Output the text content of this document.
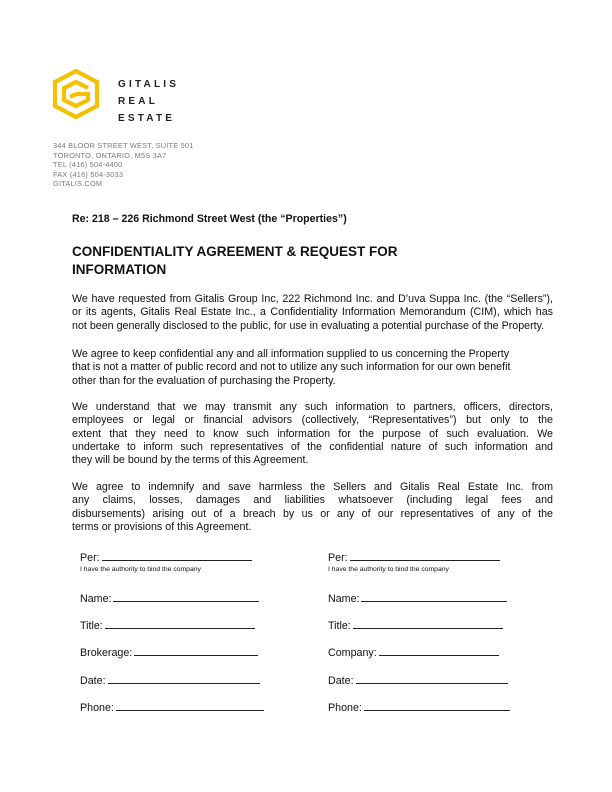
GITALIS
REAL
ESTATE
344 BLOOR STREET WEST, SUITE 501
TORONTO, ONTARIO, M5S 3A7
TEL (416) 504-4400
FAX (416) 504-3033
GITALIS.COM
Re: 218 – 226 Richmond Street West (the “Properties”)
CONFIDENTIALITY AGREEMENT & REQUEST FOR
INFORMATION
We have requested from Gitalis Group Inc, 222 Richmond Inc. and D’uva Suppa Inc. (the “Sellers”),
or its agents, Gitalis Real Estate Inc., a Confidentiality Information Memorandum (CIM), which has
not been generally disclosed to the public, for use in evaluating a potential purchase of the Property.
We agree to keep confidential any and all information supplied to us concerning the Property
that is not a matter of public record and not to utilize any such information for our own benefit
other than for the evaluation of purchasing the Property.
We understand that we may transmit any such information to partners, officers, directors,
employees or legal or financial advisors (collectively, “Representatives”) but only to the
extent that they need to know such information for the purpose of such evaluation. We
undertake to inform such representatives of the confidential nature of such information and
they will be bound by the terms of this Agreement.
We agree to indemnify and save harmless the Sellers and Gitalis Real Estate Inc. from
any claims, losses, damages and liabilities whatsoever (including legal fees and
disbursements) arising out of a breach by us or any of our representatives of any of the
terms or provisions of this Agreement.
Per:
I have the authority to bind the company
Name:
Title:
Brokerage:
Date:
Phone:
Per:
I have the authority to bind the company
Name:
Title:
Company:
Date:
Phone:
